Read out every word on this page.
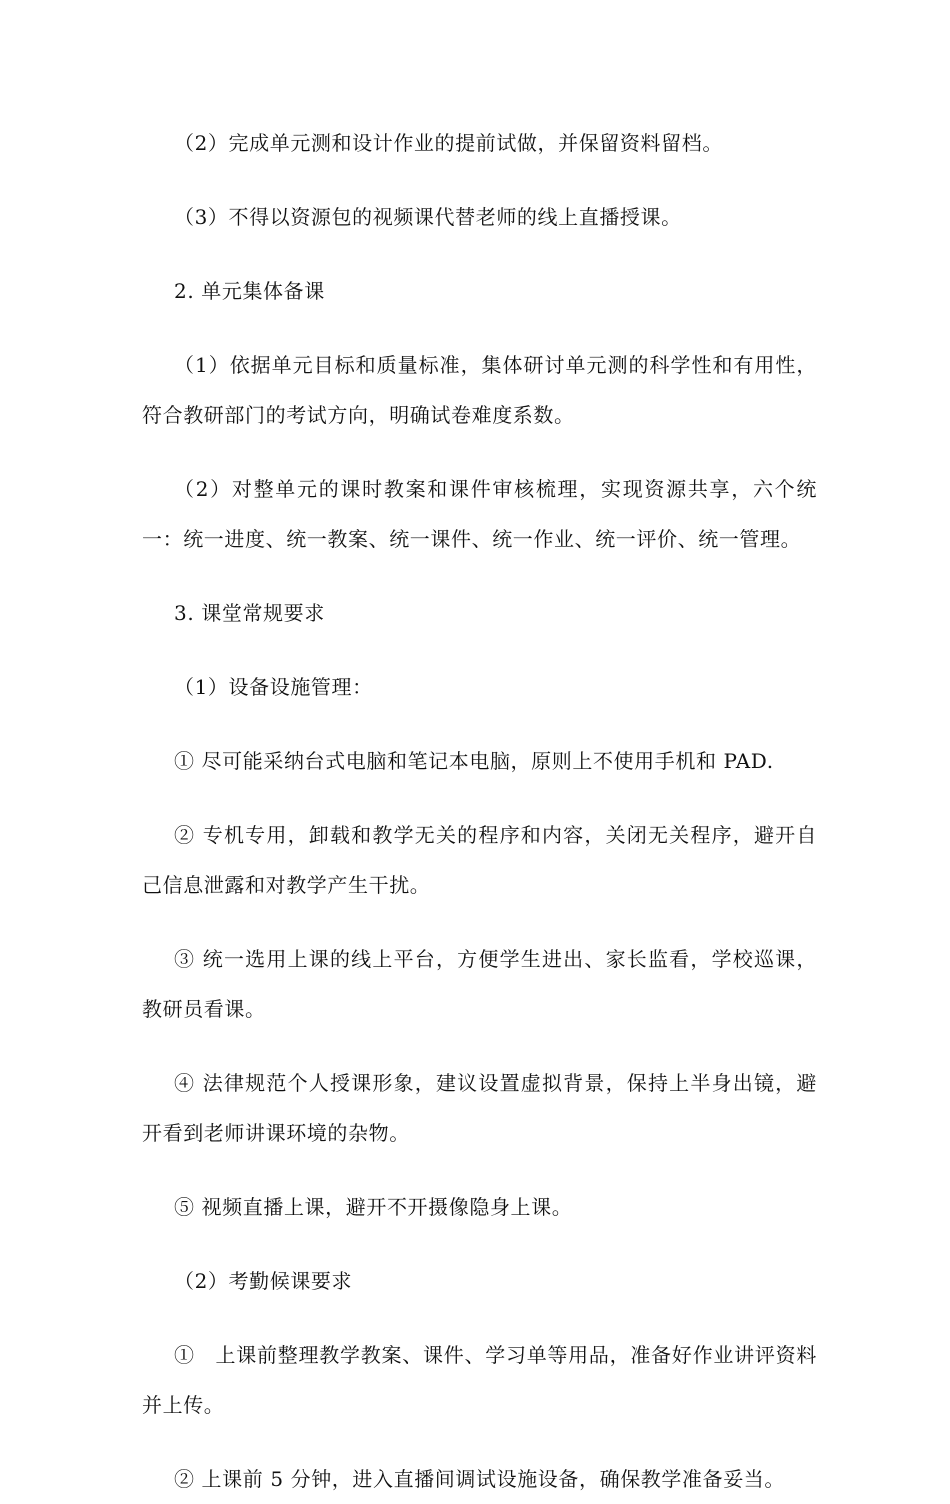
（2）完成单元测和设计作业的提前试做，并保留资料留档。

（3）不得以资源包的视频课代替老师的线上直播授课。

2. 单元集体备课

（1）依据单元目标和质量标准，集体研讨单元测的科学性和有用性，符合教研部门的考试方向，明确试卷难度系数。

（2）对整单元的课时教案和课件审核梳理，实现资源共享，六个统一：统一进度、统一教案、统一课件、统一作业、统一评价、统一管理。

3. 课堂常规要求

（1）设备设施管理：

① 尽可能采纳台式电脑和笔记本电脑，原则上不使用手机和 PAD.

② 专机专用，卸载和教学无关的程序和内容，关闭无关程序，避开自己信息泄露和对教学产生干扰。

③ 统一选用上课的线上平台，方便学生进出、家长监看，学校巡课，教研员看课。

④ 法律规范个人授课形象，建议设置虚拟背景，保持上半身出镜，避开看到老师讲课环境的杂物。

⑤ 视频直播上课，避开不开摄像隐身上课。

（2）考勤候课要求

①　上课前整理教学教案、课件、学习单等用品，准备好作业讲评资料并上传。

② 上课前 5 分钟，进入直播间调试设施设备，确保教学准备妥当。
